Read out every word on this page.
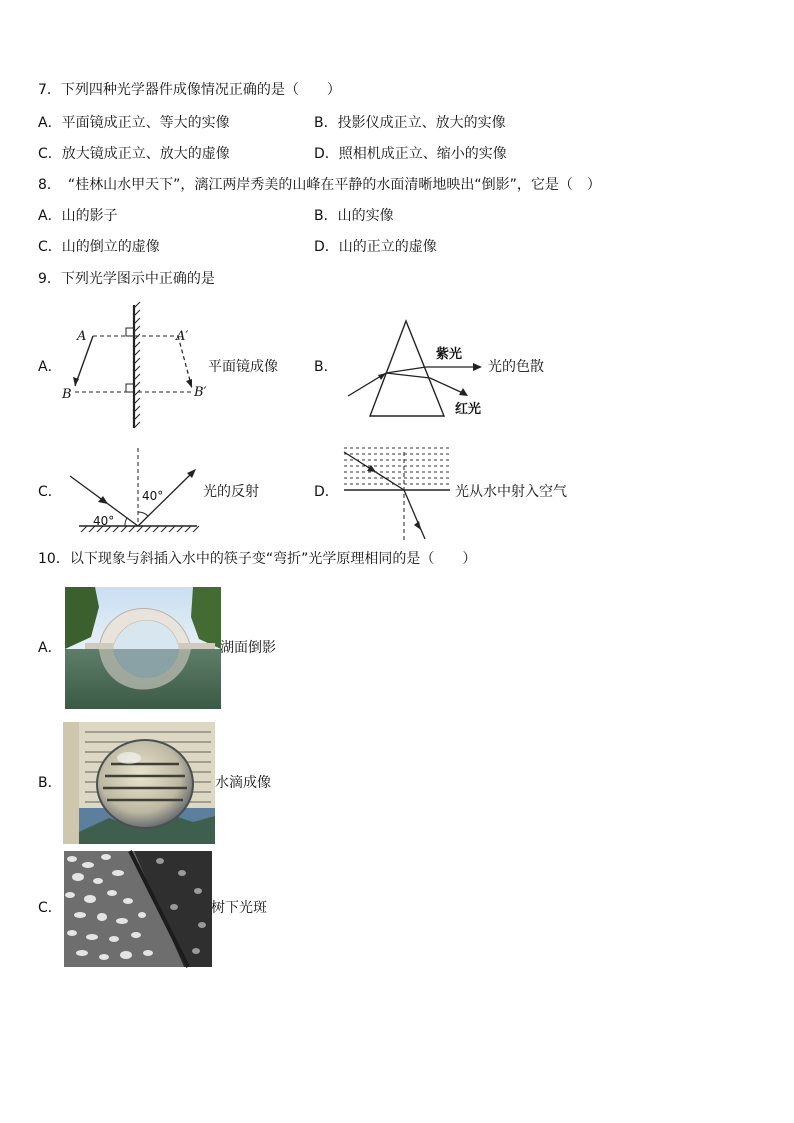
7．下列四种光学器件成像情况正确的是（　　）
A．平面镜成正立、等大的实像	B．投影仪成正立、放大的实像
C．放大镜成正立、放大的虚像	D．照相机成正立、缩小的实像
8．　“桂林山水甲天下”，漓江两岸秀美的山峰在平静的水面清晰地映出“倒影”，它是（　）
A．山的影子	B．山的实像
C．山的倒立的虚像	D．山的正立的虚像
9．下列光学图示中正确的是
A．
A	A′
B	B′
平面镜成像	B．
紫光
红光
光的色散
C．	40°
40°
光的反射	D．	光从水中射入空气
10．以下现象与斜插入水中的筷子变“弯折”光学原理相同的是（　　）
A．	湖面倒影
B．	水滴成像
C．	树下光斑
